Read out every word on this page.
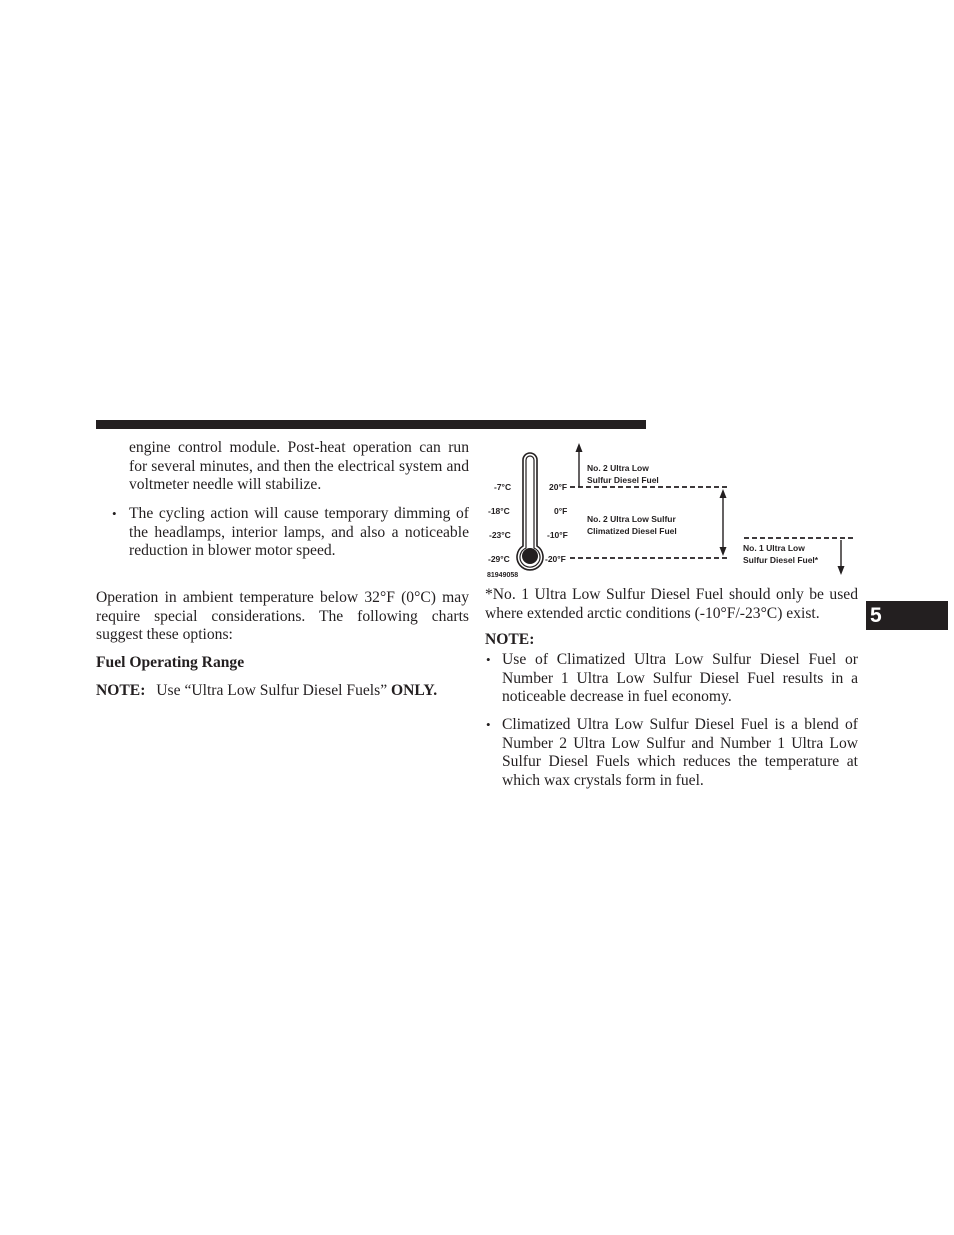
5
engine control module. Post-heat operation can run for several minutes, and then the electrical system and voltmeter needle will stabilize.
• The cycling action will cause temporary dimming of the headlamps, interior lamps, and also a noticeable reduction in blower motor speed.
Operation in ambient temperature below 32°F (0°C) may require special considerations. The following charts suggest these options:
Fuel Operating Range
NOTE: Use “Ultra Low Sulfur Diesel Fuels” ONLY.
-7°C
-18°C
-23°C
-29°C
20°F
0°F
-10°F
-20°F
No. 2 Ultra Low
Sulfur Diesel Fuel
No. 2 Ultra Low Sulfur
Climatized Diesel Fuel
No. 1 Ultra Low
Sulfur Diesel Fuel*
81949058
*No. 1 Ultra Low Sulfur Diesel Fuel should only be used where extended arctic conditions (-10°F/-23°C) exist.
NOTE:
• Use of Climatized Ultra Low Sulfur Diesel Fuel or Number 1 Ultra Low Sulfur Diesel Fuel results in a noticeable decrease in fuel economy.
• Climatized Ultra Low Sulfur Diesel Fuel is a blend of Number 2 Ultra Low Sulfur and Number 1 Ultra Low Sulfur Diesel Fuels which reduces the temperature at which wax crystals form in fuel.
